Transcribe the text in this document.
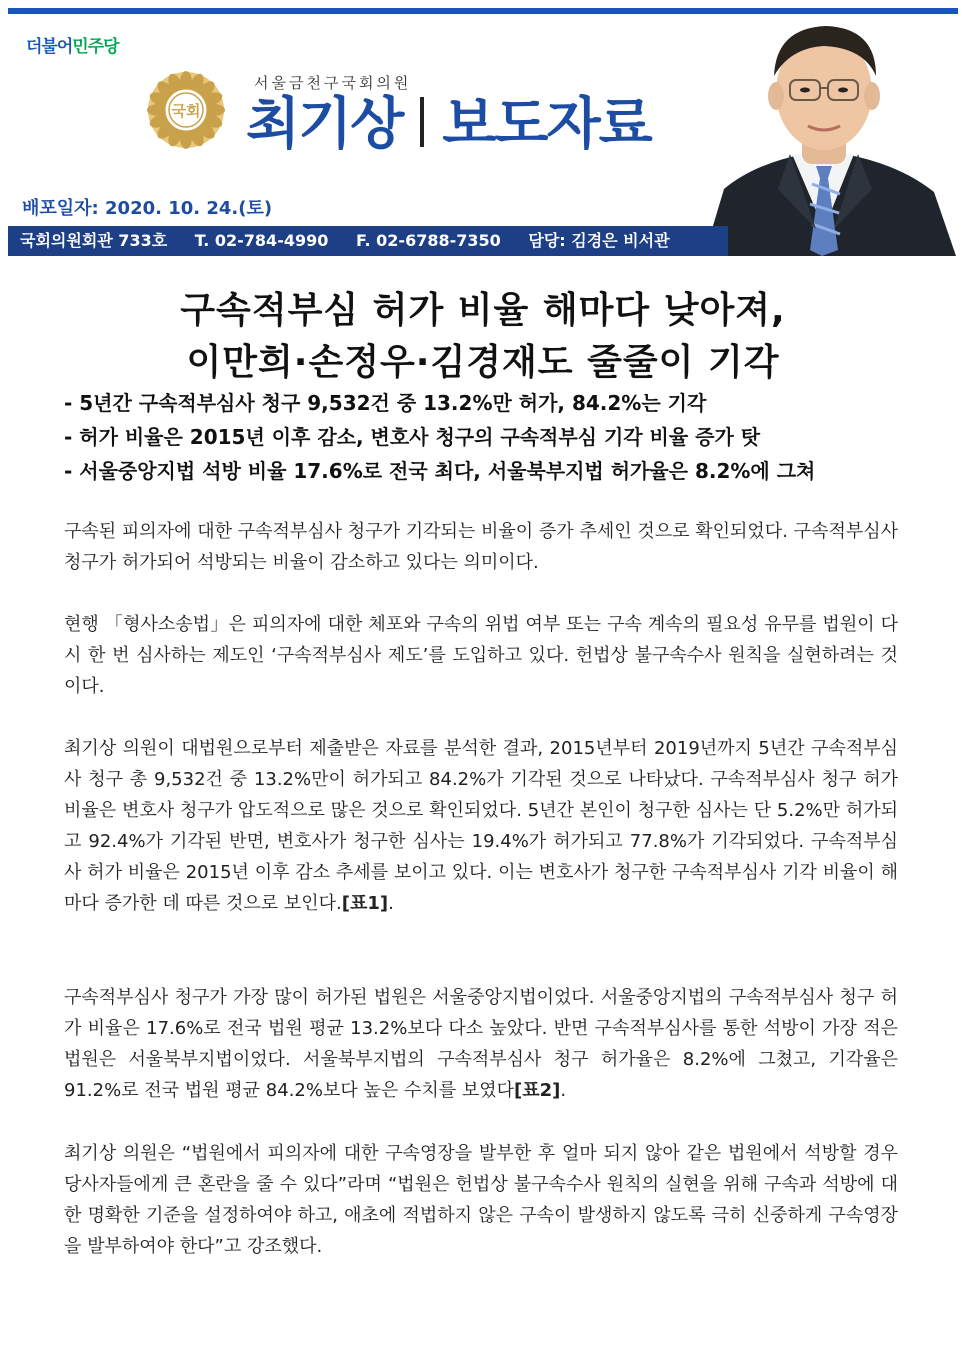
더불어민주당
국회
서울금천구국회의원
최기상 보도자료
배포일자: 2020. 10. 24.(토)
국회의원회관 733호 T. 02-784-4990 F. 02-6788-7350 담당: 김경은 비서관
구속적부심 허가 비율 해마다 낮아져,
이만희·손정우·김경재도 줄줄이 기각
- 5년간 구속적부심사 청구 9,532건 중 13.2%만 허가, 84.2%는 기각
- 허가 비율은 2015년 이후 감소, 변호사 청구의 구속적부심 기각 비율 증가 탓
- 서울중앙지법 석방 비율 17.6%로 전국 최다, 서울북부지법 허가율은 8.2%에 그쳐

구속된 피의자에 대한 구속적부심사 청구가 기각되는 비율이 증가 추세인 것으로 확인되었다. 구속적부심사 청구가 허가되어 석방되는 비율이 감소하고 있다는 의미이다.

현행 「형사소송법」은 피의자에 대한 체포와 구속의 위법 여부 또는 구속 계속의 필요성 유무를 법원이 다시 한 번 심사하는 제도인 ‘구속적부심사 제도’를 도입하고 있다. 헌법상 불구속수사 원칙을 실현하려는 것이다.

최기상 의원이 대법원으로부터 제출받은 자료를 분석한 결과, 2015년부터 2019년까지 5년간 구속적부심사 청구 총 9,532건 중 13.2%만이 허가되고 84.2%가 기각된 것으로 나타났다. 구속적부심사 청구 허가 비율은 변호사 청구가 압도적으로 많은 것으로 확인되었다. 5년간 본인이 청구한 심사는 단 5.2%만 허가되고 92.4%가 기각된 반면, 변호사가 청구한 심사는 19.4%가 허가되고 77.8%가 기각되었다. 구속적부심사 허가 비율은 2015년 이후 감소 추세를 보이고 있다. 이는 변호사가 청구한 구속적부심사 기각 비율이 해마다 증가한 데 따른 것으로 보인다.[표1].

구속적부심사 청구가 가장 많이 허가된 법원은 서울중앙지법이었다. 서울중앙지법의 구속적부심사 청구 허가 비율은 17.6%로 전국 법원 평균 13.2%보다 다소 높았다. 반면 구속적부심사를 통한 석방이 가장 적은 법원은 서울북부지법이었다. 서울북부지법의 구속적부심사 청구 허가율은 8.2%에 그쳤고, 기각율은 91.2%로 전국 법원 평균 84.2%보다 높은 수치를 보였다[표2].

최기상 의원은 “법원에서 피의자에 대한 구속영장을 발부한 후 얼마 되지 않아 같은 법원에서 석방할 경우 당사자들에게 큰 혼란을 줄 수 있다”라며 “법원은 헌법상 불구속수사 원칙의 실현을 위해 구속과 석방에 대한 명확한 기준을 설정하여야 하고, 애초에 적법하지 않은 구속이 발생하지 않도록 극히 신중하게 구속영장을 발부하여야 한다”고 강조했다.
